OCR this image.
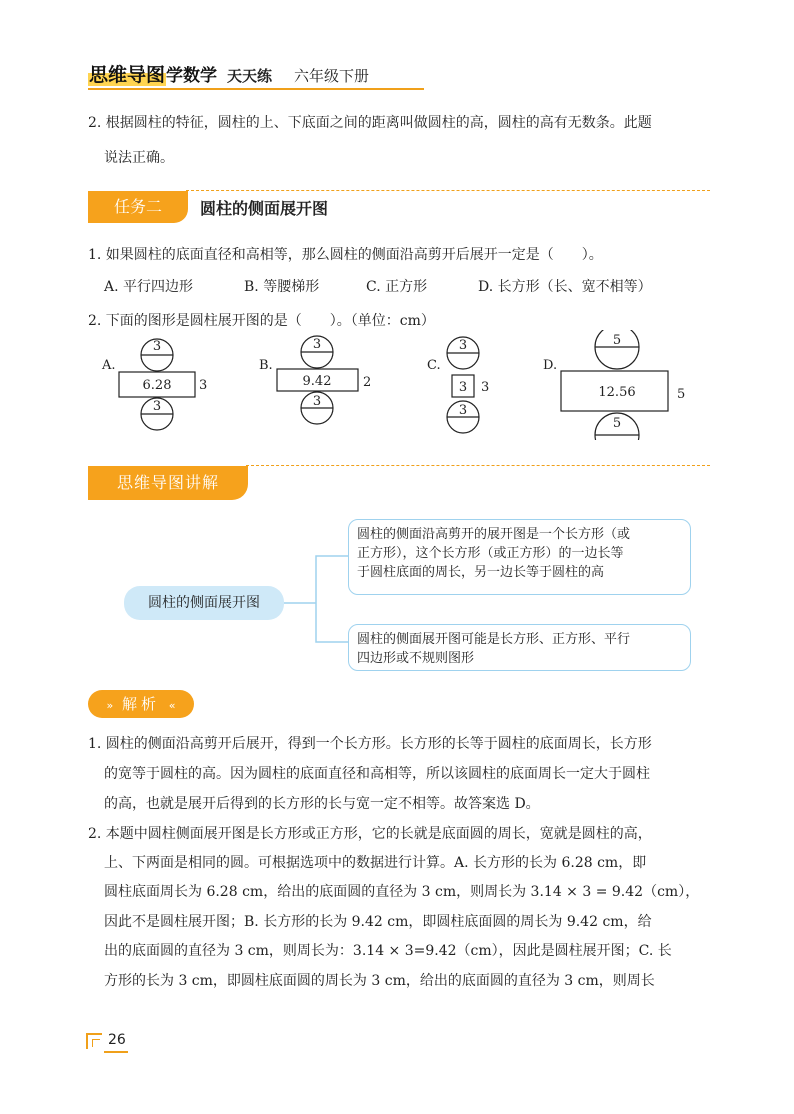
思维导图学数学 天天练 六年级下册

2. 根据圆柱的特征，圆柱的上、下底面之间的距离叫做圆柱的高，圆柱的高有无数条。此题

说法正确。

任务二	圆柱的侧面展开图

1. 如果圆柱的底面直径和高相等，那么圆柱的侧面沿高剪开后展开一定是（　　）。

A. 平行四边形	B. 等腰梯形	C. 正方形	D. 长方形（长、宽不相等）

2. 下面的图形是圆柱展开图的是（　　）。（单位：cm）

A.
3
6.28 3
3
B.
3
9.42 2
3
C.
3
3 3
3
D.
5
12.56	5
5
思维导图讲解
圆柱的侧面展开图
圆柱的侧面沿高剪开的展开图是一个长方形（或
正方形），这个长方形（或正方形）的一边长等
于圆柱底面的周长，另一边长等于圆柱的高
圆柱的侧面展开图可能是长方形、正方形、平行
四边形或不规则图形
» 解析 «

1. 圆柱的侧面沿高剪开后展开，得到一个长方形。长方形的长等于圆柱的底面周长，长方形

的宽等于圆柱的高。因为圆柱的底面直径和高相等，所以该圆柱的底面周长一定大于圆柱

的高，也就是展开后得到的长方形的长与宽一定不相等。故答案选 D。

2. 本题中圆柱侧面展开图是长方形或正方形，它的长就是底面圆的周长，宽就是圆柱的高，

上、下两面是相同的圆。可根据选项中的数据进行计算。A. 长方形的长为 6.28 cm，即

圆柱底面周长为 6.28 cm，给出的底面圆的直径为 3 cm，则周长为 3.14 × 3 = 9.42（cm），

因此不是圆柱展开图；B. 长方形的长为 9.42 cm，即圆柱底面圆的周长为 9.42 cm，给

出的底面圆的直径为 3 cm，则周长为：3.14 × 3=9.42（cm），因此是圆柱展开图；C. 长

方形的长为 3 cm，即圆柱底面圆的周长为 3 cm，给出的底面圆的直径为 3 cm，则周长

26
